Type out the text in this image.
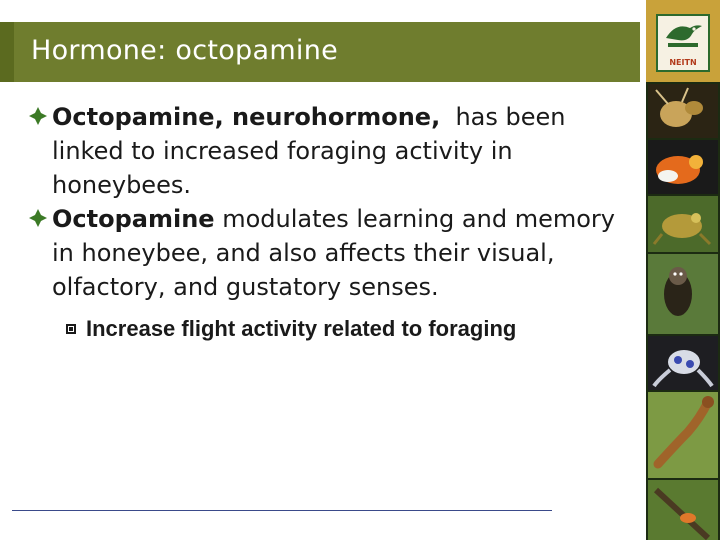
Hormone: octopamine	NEITN
Octopamine, neurohormone,  has been linked to increased foraging activity in honeybees.
Octopamine modulates learning and memory in honeybee, and also affects their visual, olfactory, and gustatory senses.
Increase flight activity related to foraging
